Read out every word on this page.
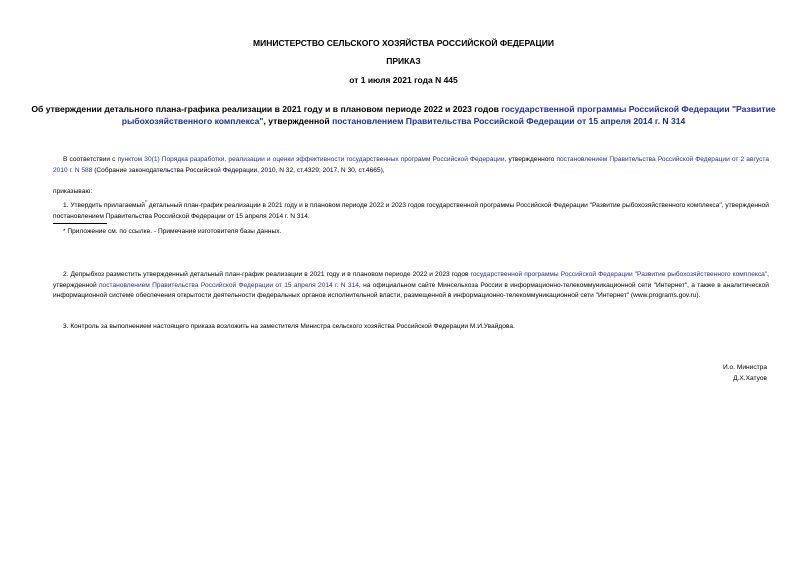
МИНИСТЕРСТВО СЕЛЬСКОГО ХОЗЯЙСТВА РОССИЙСКОЙ ФЕДЕРАЦИИ
ПРИКАЗ
от 1 июля 2021 года N 445
Об утверждении детального плана-графика реализации в 2021 году и в плановом периоде 2022 и 2023 годов государственной программы Российской Федерации "Развитие рыбохозяйственного комплекса", утвержденной постановлением Правительства Российской Федерации от 15 апреля 2014 г. N 314
В соответствии с пунктом 30(1) Порядка разработки, реализации и оценки эффективности государственных программ Российской Федерации, утвержденного постановлением Правительства Российской Федерации от 2 августа 2010 г. N 588 (Собрание законодательства Российской Федерации, 2010, N 32, ст.4329; 2017, N 30, ст.4665),
приказываю:
1. Утвердить прилагаемый* детальный план-график реализации в 2021 году и в плановом периоде 2022 и 2023 годов государственной программы Российской Федерации "Развитие рыбохозяйственного комплекса", утвержденной постановлением Правительства Российской Федерации от 15 апреля 2014 г. N 314.
* Приложение см. по ссылке. - Примечание изготовителя базы данных.
2. Депрыбхоз разместить утвержденный детальный план-график реализации в 2021 году и в плановом периоде 2022 и 2023 годов государственной программы Российской Федерации "Развитие рыбохозяйственного комплекса", утвержденной постановлением Правительства Российской Федерации от 15 апреля 2014 г. N 314, на официальном сайте Минсельхоза России в информационно-телекоммуникационной сети "Интернет", а также в аналитической информационной системе обеспечения открытости деятельности федеральных органов исполнительной власти, размещенной в информационно-телекоммуникационной сети "Интернет" (www.programs.gov.ru).
3. Контроль за выполнением настоящего приказа возложить на заместителя Министра сельского хозяйства Российской Федерации М.И.Увайдова.
И.о. Министра
Д.Х.Хатуов
